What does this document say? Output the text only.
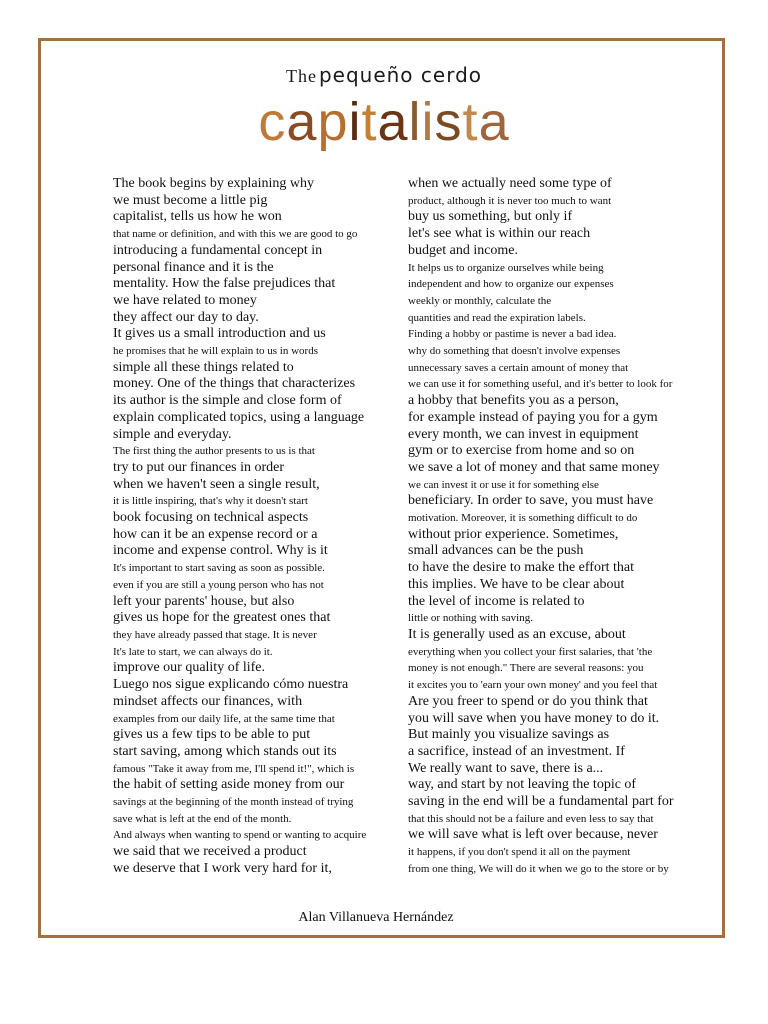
The pequeño cerdo
capitalista
The book begins by explaining why
we must become a little pig
capitalist, tells us how he won
that name or definition, and with this we are good to go
introducing a fundamental concept in
personal finance and it is the
mentality. How the false prejudices that
we have related to money
they affect our day to day.
It gives us a small introduction and us
he promises that he will explain to us in words
simple all these things related to
money. One of the things that characterizes
its author is the simple and close form of
explain complicated topics, using a language
simple and everyday.
The first thing the author presents to us is that
try to put our finances in order
when we haven't seen a single result,
it is little inspiring, that's why it doesn't start
book focusing on technical aspects
how can it be an expense record or a
income and expense control. Why is it
It's important to start saving as soon as possible.
even if you are still a young person who has not
left your parents' house, but also
gives us hope for the greatest ones that
they have already passed that stage. It is never
It's late to start, we can always do it.
improve our quality of life.
Luego nos sigue explicando cómo nuestra
mindset affects our finances, with
examples from our daily life, at the same time that
gives us a few tips to be able to put
start saving, among which stands out its
famous "Take it away from me, I'll spend it!", which is
the habit of setting aside money from our
savings at the beginning of the month instead of trying
save what is left at the end of the month.
And always when wanting to spend or wanting to acquire
we said that we received a product
we deserve that I work very hard for it,
when we actually need some type of
product, although it is never too much to want
buy us something, but only if
let's see what is within our reach
budget and income.
It helps us to organize ourselves while being
independent and how to organize our expenses
weekly or monthly, calculate the
quantities and read the expiration labels.
Finding a hobby or pastime is never a bad idea.
why do something that doesn't involve expenses
unnecessary saves a certain amount of money that
we can use it for something useful, and it's better to look for
a hobby that benefits you as a person,
for example instead of paying you for a gym
every month, we can invest in equipment
gym or to exercise from home and so on
we save a lot of money and that same money
we can invest it or use it for something else
beneficiary. In order to save, you must have
motivation. Moreover, it is something difficult to do
without prior experience. Sometimes,
small advances can be the push
to have the desire to make the effort that
this implies. We have to be clear about
the level of income is related to
little or nothing with saving.
It is generally used as an excuse, about
everything when you collect your first salaries, that 'the
money is not enough." There are several reasons: you
it excites you to 'earn your own money' and you feel that
Are you freer to spend or do you think that
you will save when you have money to do it.
But mainly you visualize savings as
a sacrifice, instead of an investment. If
We really want to save, there is a...
way, and start by not leaving the topic of
saving in the end will be a fundamental part for
that this should not be a failure and even less to say that
we will save what is left over because, never
it happens, if you don't spend it all on the payment
from one thing, We will do it when we go to the store or by
Alan Villanueva Hernández
